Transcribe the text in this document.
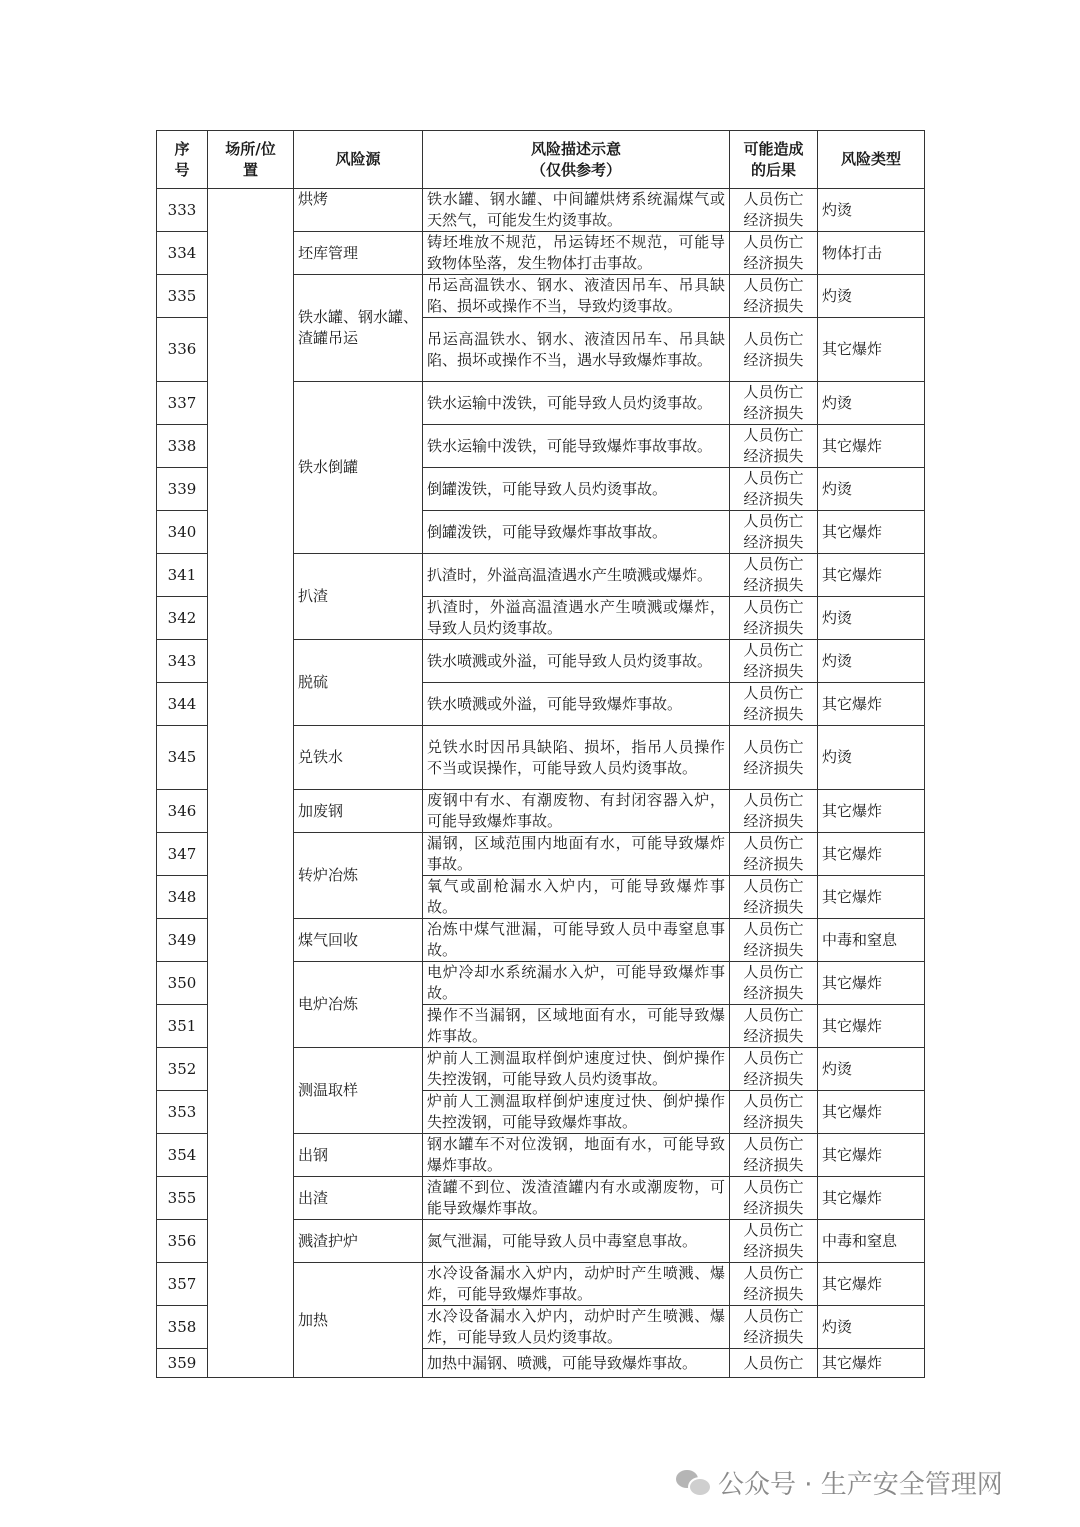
序
号	场所/位
置	风险源	风险描述示意
（仅供参考）	可能造成
的后果	风险类型
333		烘烤	铁水罐、钢水罐、中间罐烘烤系统漏煤气或天然气，可能发生灼烫事故。	人员伤亡
经济损失	灼烫
334		坯库管理	铸坯堆放不规范，吊运铸坯不规范，可能导致物体坠落，发生物体打击事故。	人员伤亡
经济损失	物体打击
335		铁水罐、钢水罐、渣罐吊运	吊运高温铁水、钢水、液渣因吊车、吊具缺陷、损坏或操作不当，导致灼烫事故。	人员伤亡
经济损失	灼烫
336			吊运高温铁水、钢水、液渣因吊车、吊具缺陷、损坏或操作不当，遇水导致爆炸事故。	人员伤亡
经济损失	其它爆炸
337		铁水倒罐	铁水运输中泼铁，可能导致人员灼烫事故。	人员伤亡
经济损失	灼烫
338			铁水运输中泼铁，可能导致爆炸事故事故。	人员伤亡
经济损失	其它爆炸
339			倒罐泼铁，可能导致人员灼烫事故。	人员伤亡
经济损失	灼烫
340			倒罐泼铁，可能导致爆炸事故事故。	人员伤亡
经济损失	其它爆炸
341		扒渣	扒渣时，外溢高温渣遇水产生喷溅或爆炸。	人员伤亡
经济损失	其它爆炸
342			扒渣时，外溢高温渣遇水产生喷溅或爆炸，导致人员灼烫事故。	人员伤亡
经济损失	灼烫
343		脱硫	铁水喷溅或外溢，可能导致人员灼烫事故。	人员伤亡
经济损失	灼烫
344			铁水喷溅或外溢，可能导致爆炸事故。	人员伤亡
经济损失	其它爆炸
345		兑铁水	兑铁水时因吊具缺陷、损坏，指吊人员操作不当或误操作，可能导致人员灼烫事故。	人员伤亡
经济损失	灼烫
346		加废钢	废钢中有水、有潮废物、有封闭容器入炉，可能导致爆炸事故。	人员伤亡
经济损失	其它爆炸
347		转炉冶炼	漏钢，区域范围内地面有水，可能导致爆炸事故。	人员伤亡
经济损失	其它爆炸
348			氧气或副枪漏水入炉内，可能导致爆炸事故。	人员伤亡
经济损失	其它爆炸
349		煤气回收	冶炼中煤气泄漏，可能导致人员中毒窒息事故。	人员伤亡
经济损失	中毒和窒息
350		电炉冶炼	电炉冷却水系统漏水入炉，可能导致爆炸事故。	人员伤亡
经济损失	其它爆炸
351			操作不当漏钢，区域地面有水，可能导致爆炸事故。	人员伤亡
经济损失	其它爆炸
352		测温取样	炉前人工测温取样倒炉速度过快、倒炉操作失控泼钢，可能导致人员灼烫事故。	人员伤亡
经济损失	灼烫
353			炉前人工测温取样倒炉速度过快、倒炉操作失控泼钢，可能导致爆炸事故。	人员伤亡
经济损失	其它爆炸
354		出钢	钢水罐车不对位泼钢，地面有水，可能导致爆炸事故。	人员伤亡
经济损失	其它爆炸
355		出渣	渣罐不到位、泼渣渣罐内有水或潮废物，可能导致爆炸事故。	人员伤亡
经济损失	其它爆炸
356		溅渣护炉	氮气泄漏，可能导致人员中毒窒息事故。	人员伤亡
经济损失	中毒和窒息
357		加热	水冷设备漏水入炉内，动炉时产生喷溅、爆炸，可能导致爆炸事故。	人员伤亡
经济损失	其它爆炸
358			水冷设备漏水入炉内，动炉时产生喷溅、爆炸，可能导致人员灼烫事故。	人员伤亡
经济损失	灼烫
359			加热中漏钢、喷溅，可能导致爆炸事故。	人员伤亡	其它爆炸
公众号 · 生产安全管理网
